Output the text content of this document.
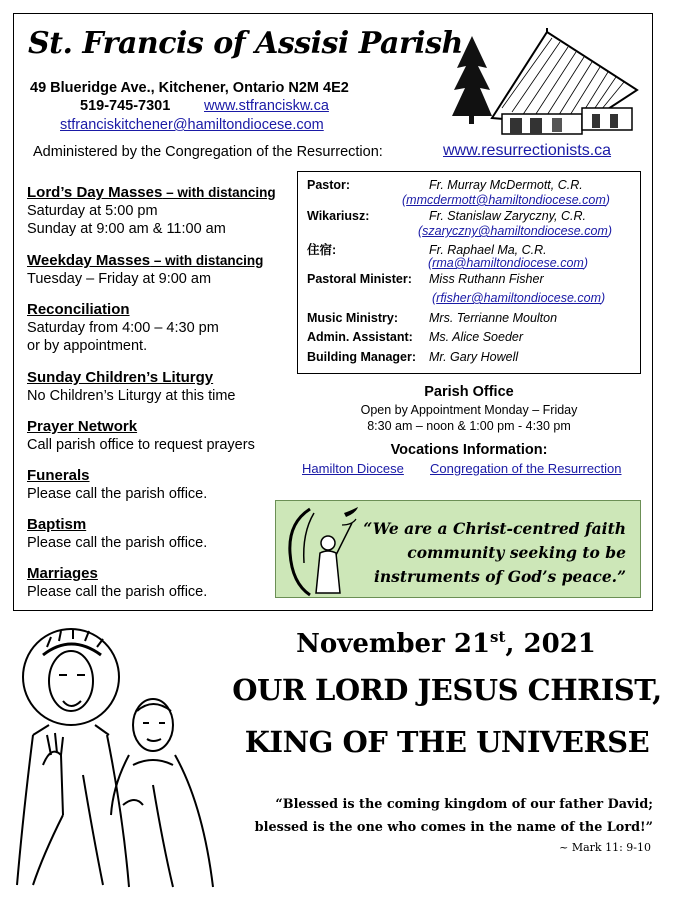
St. Francis of Assisi Parish
49 Blueridge Ave., Kitchener, Ontario N2M 4E2
519-745-7301 www.stfranciskw.ca
stfranciskitchener@hamiltondiocese.com
Administered by the Congregation of the Resurrection:	www.resurrectionists.ca
Lord’s Day Masses – with distancing
Saturday at 5:00 pm
Sunday at 9:00 am & 11:00 am
Weekday Masses – with distancing
Tuesday – Friday at 9:00 am
Reconciliation
Saturday from 4:00 – 4:30 pm
or by appointment.
Sunday Children’s Liturgy
No Children’s Liturgy at this time
Prayer Network
Call parish office to request prayers
Funerals
Please call the parish office.
Baptism
Please call the parish office.
Marriages
Please call the parish office.
Pastor:	Fr. Murray McDermott, C.R.
(mmcdermott@hamiltondiocese.com)
Wikariusz:	Fr. Stanislaw Zaryczny, C.R.
(szaryczny@hamiltondiocese.com)
住宿:	Fr. Raphael Ma, C.R.
(rma@hamiltondiocese.com)
Pastoral Minister: Miss Ruthann Fisher
(rfisher@hamiltondiocese.com)
Music Ministry: Mrs. Terrianne Moulton
Admin. Assistant: Ms. Alice Soeder
Building Manager: Mr. Gary Howell
Parish Office
Open by Appointment Monday – Friday
8:30 am – noon & 1:00 pm - 4:30 pm
Vocations Information:
Hamilton Diocese Congregation of the Resurrection
“We are a Christ-centred faith
community seeking to be
instruments of God’s peace.”
November 21st, 2021
OUR LORD JESUS CHRIST,
KING OF THE UNIVERSE
“Blessed is the coming kingdom of our father David;
blessed is the one who comes in the name of the Lord!”
~ Mark 11: 9-10
